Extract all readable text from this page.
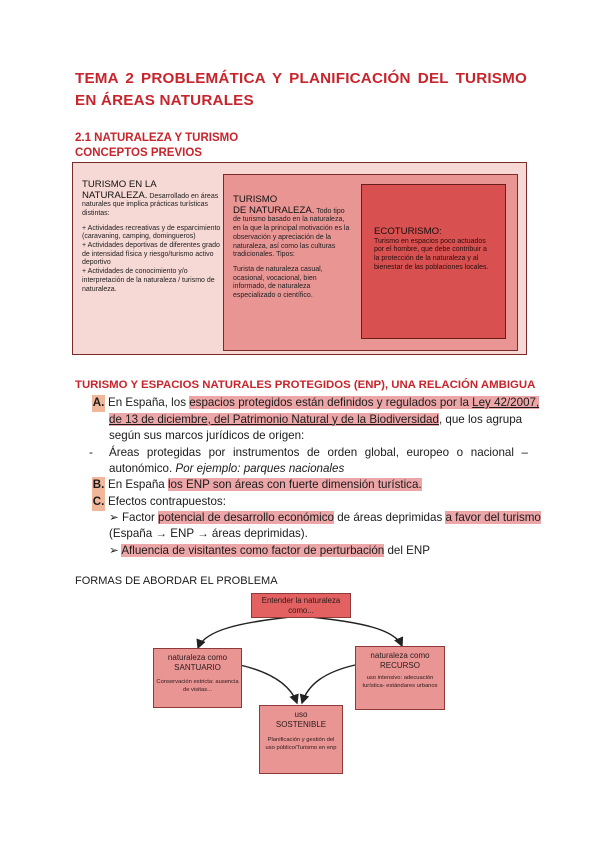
TEMA 2 PROBLEMÁTICA Y PLANIFICACIÓN DEL TURISMO EN ÁREAS NATURALES
2.1 NATURALEZA Y TURISMO
CONCEPTOS PREVIOS
TURISMO EN LA
NATURALEZA. Desarrollado en áreas naturales que implica prácticas turísticas distintas:

+ Actividades recreativas y de esparcimiento (caravaning, camping, domingueros)

+ Actividades deportivas de diferentes grado de intensidad física y riesgo/turismo activo deportivo

+ Actividades de conocimiento y/o interpretación de la naturaleza / turismo de naturaleza.

TURISMO
DE NATURALEZA. Todo tipo de turismo basado en la naturaleza, en la que la principal motivación es la observación y apreciación de la naturaleza, así como las culturas tradicionales. Tipos:

Turista de naturaleza casual, ocasional, vocacional, bien informado, de naturaleza especializado o científico.

ECOTURISMO:

Turismo en espacios poco actuados por el hombre, que debe contribuir a la protección de la naturaleza y al bienestar de las poblaciones locales.

TURISMO Y ESPACIOS NATURALES PROTEGIDOS (ENP), UNA RELACIÓN AMBIGUA
A. En España, los espacios protegidos están definidos y regulados por la Ley 42/2007,
de 13 de diciembre, del Patrimonio Natural y de la Biodiversidad, que los agrupa
según sus marcos jurídicos de origen:
- Áreas protegidas por instrumentos de orden global, europeo o nacional –
autonómico. Por ejemplo: parques nacionales
B. En España los ENP son áreas con fuerte dimensión turística.
C. Efectos contrapuestos:
➢ Factor potencial de desarrollo económico de áreas deprimidas a favor del turismo
(España → ENP → áreas deprimidas).
➢ Afluencia de visitantes como factor de perturbación del ENP
FORMAS DE ABORDAR EL PROBLEMA
Entender la naturaleza como...
naturaleza como
SANTUARIO
Conservación estricta: ausencia de visitas...
naturaleza como
RECURSO
uso intensivo: adecuación turística- estándares urbanos
uso
SOSTENIBLE
Planificación y gestión del uso público/Turismo en enp
